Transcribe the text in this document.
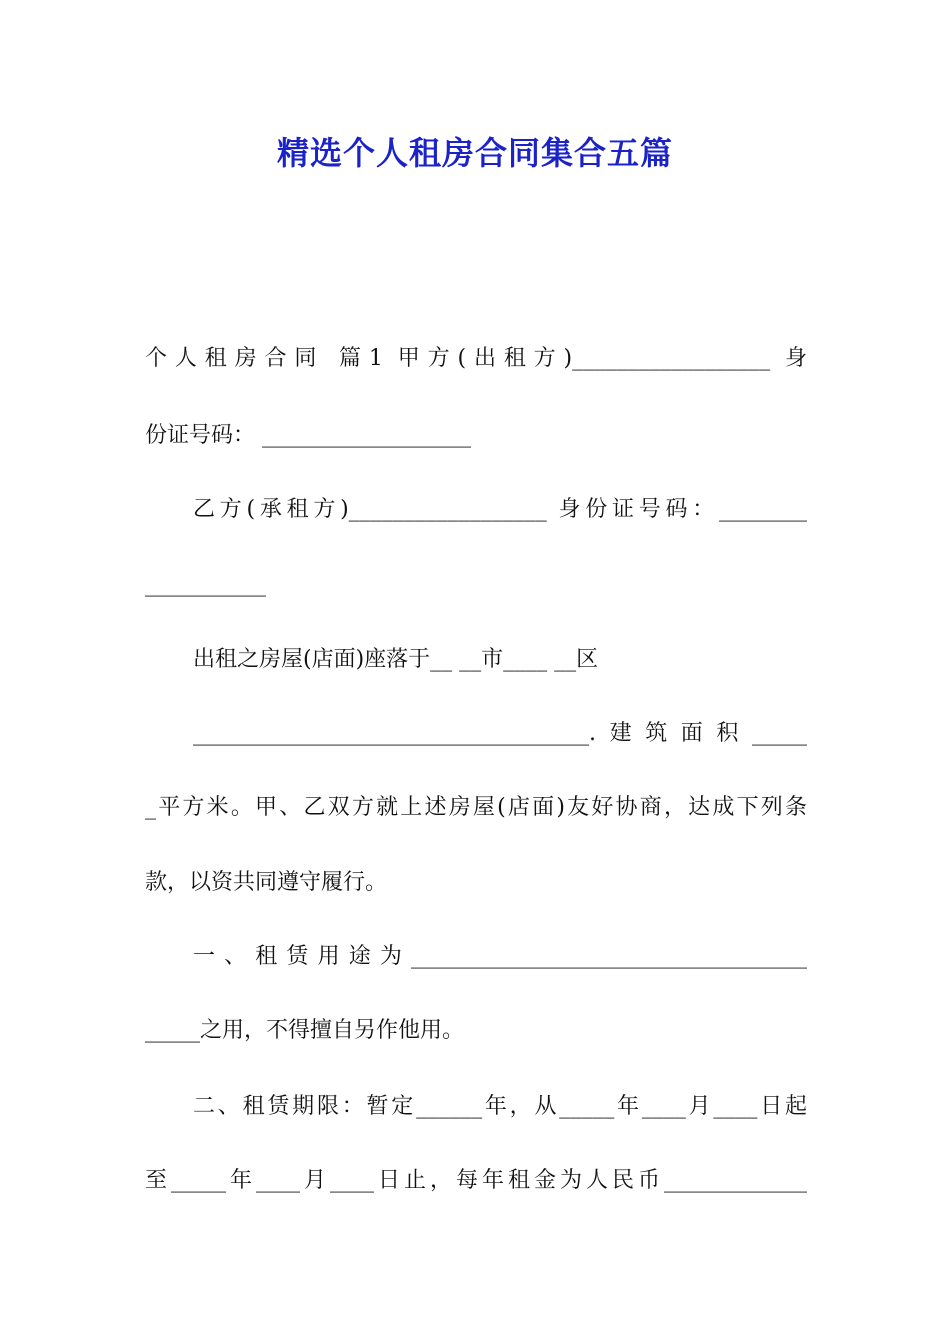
精选个人租房合同集合五篇
个人租房合同 篇1 甲方(出租方)__________________ 身
份证号码： ___________________
乙方(承租方)__________________ 身份证号码：________
___________
出租之房屋(店面)座落于__ __市____ __区
____________________________________.建筑面积_____
_平方米。甲、乙双方就上述房屋(店面)友好协商，达成下列条
款，以资共同遵守履行。
一、租赁用途为____________________________________
_____之用，不得擅自另作他用。
二、租赁期限：暂定______年，从_____年____月____日起
至_____年____月____日止，每年租金为人民币_____________
